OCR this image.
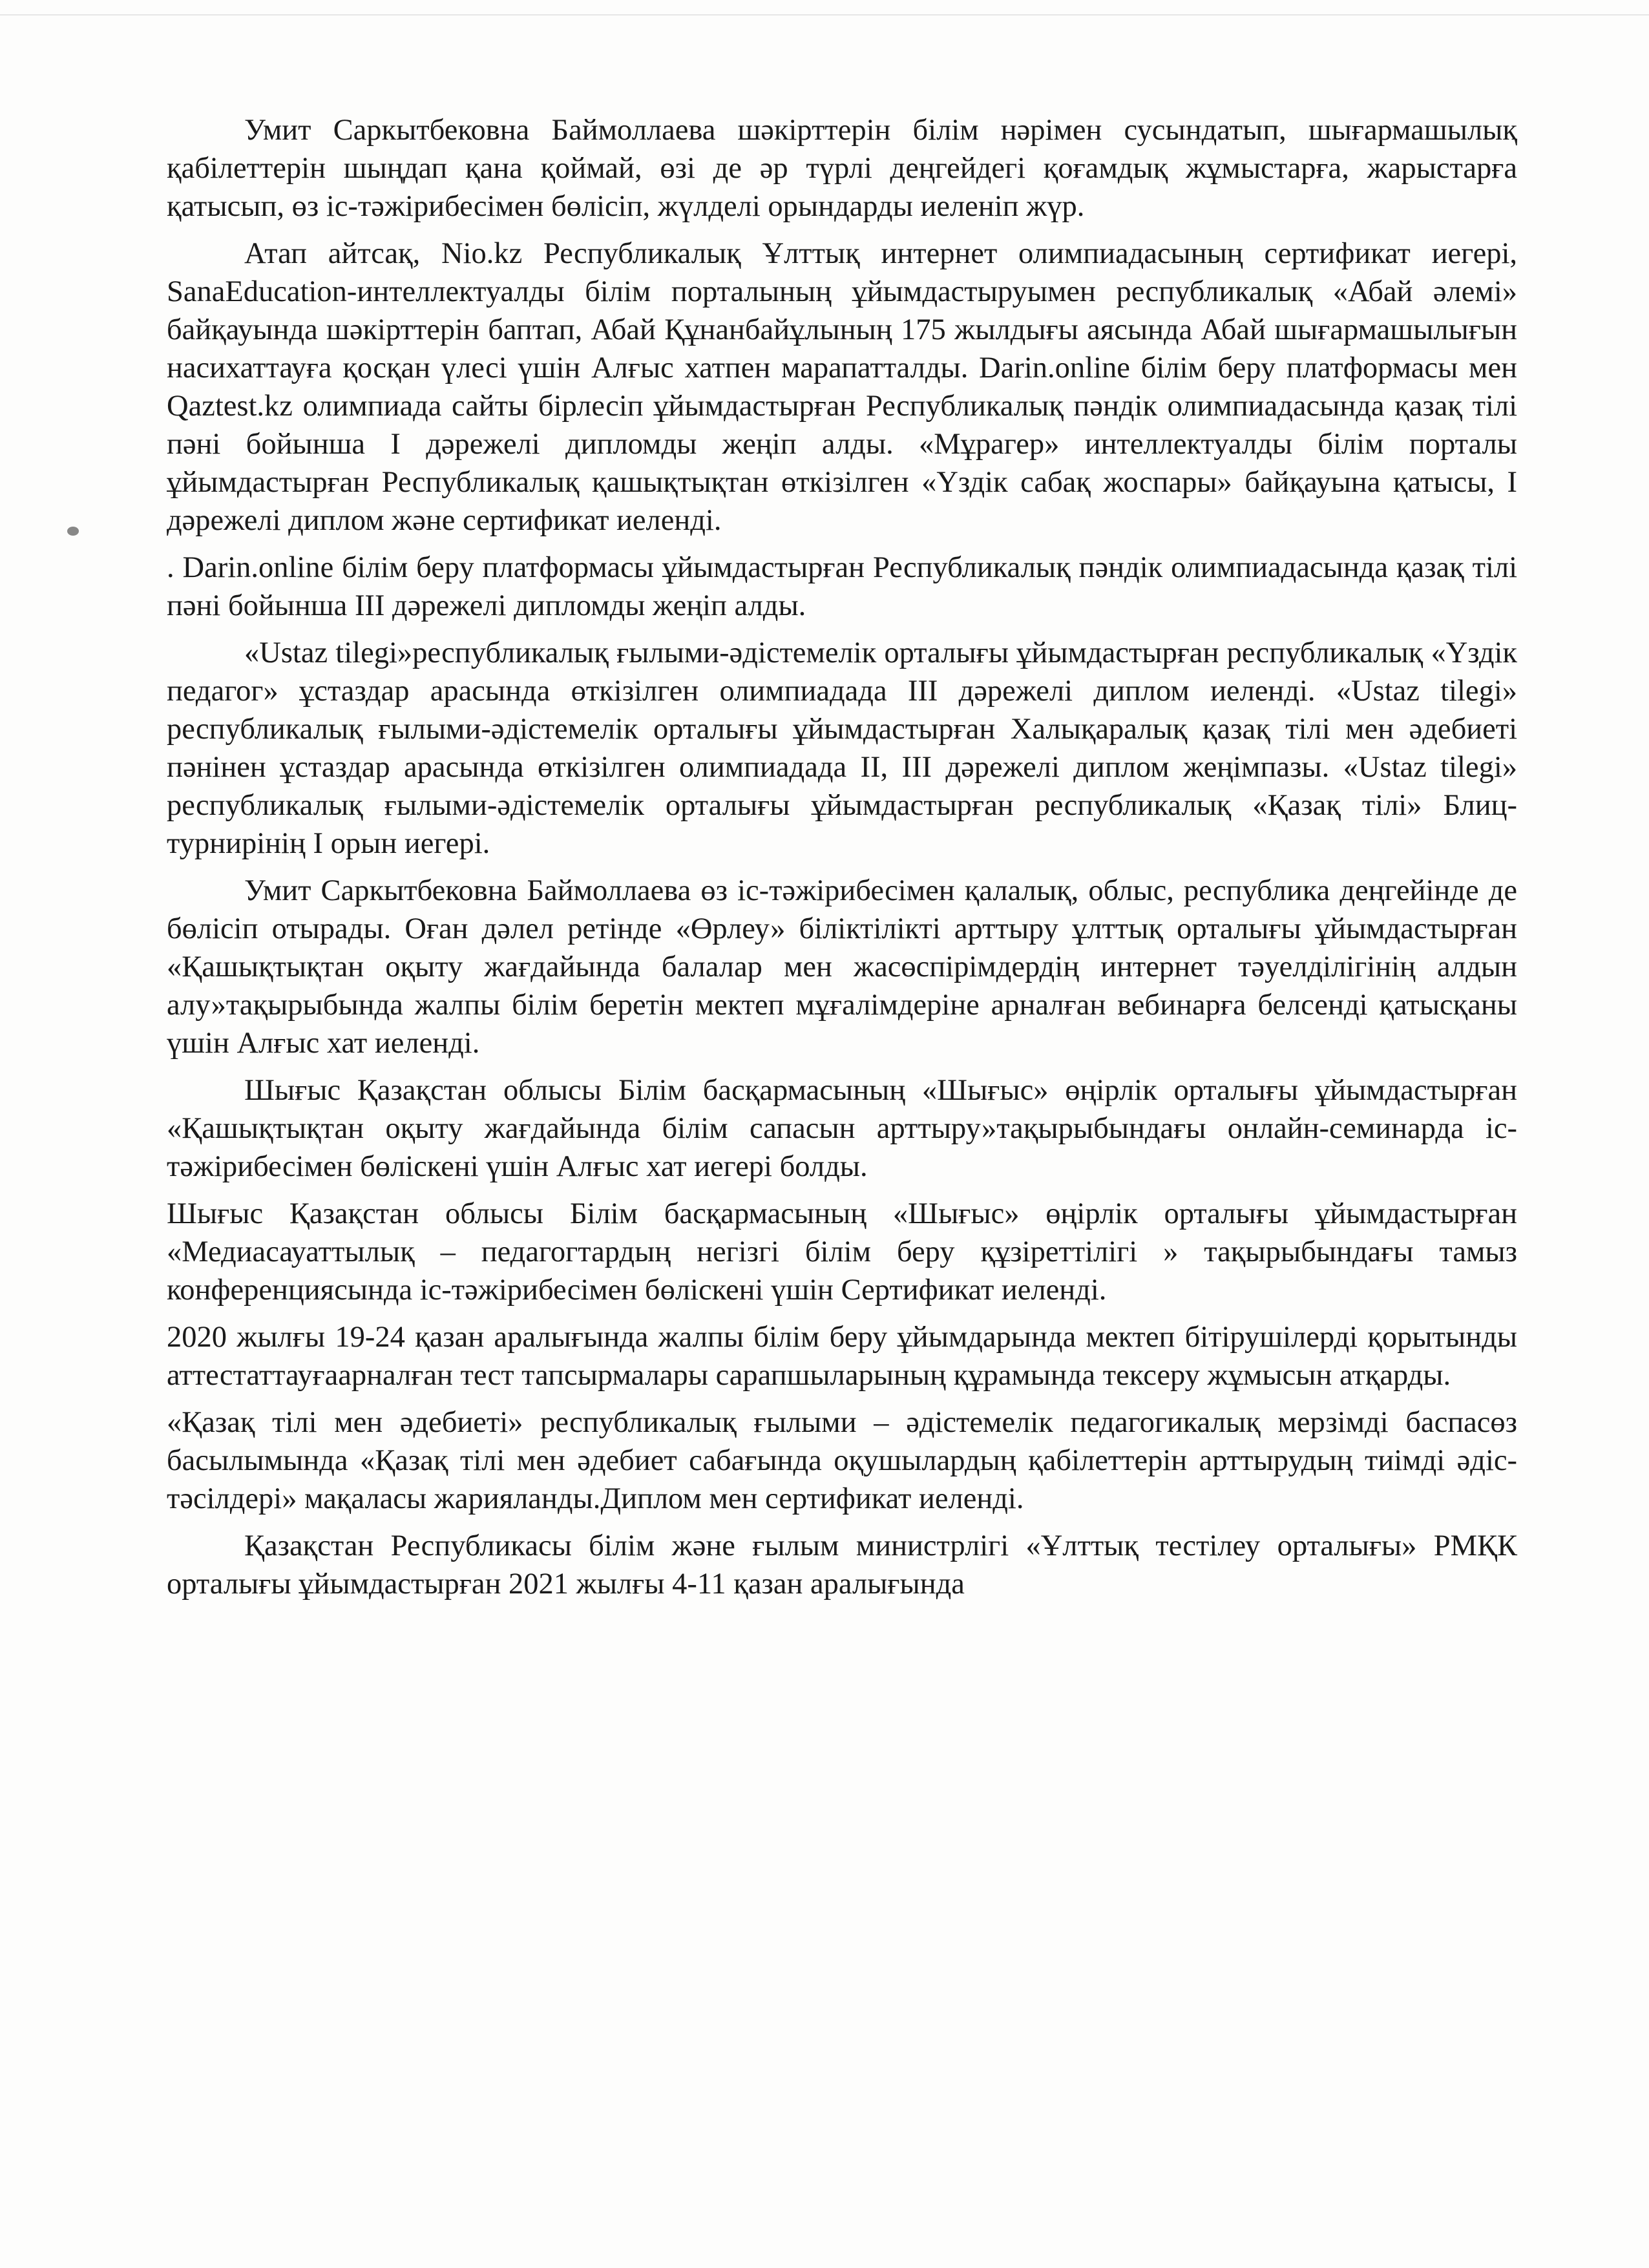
Умит Саркытбековна Баймоллаева шәкірттерін білім нәрімен сусындатып, шығармашылық қабілеттерін шыңдап қана қоймай, өзі де әр түрлі деңгейдегі қоғамдық жұмыстарға, жарыстарға қатысып, өз іс-тәжірибесімен бөлісіп, жүлделі орындарды иеленіп жүр.

Атап айтсақ, Nio.kz Республикалық Ұлттық интернет олимпиадасының сертификат иегері, SanaEducation-интеллектуалды білім порталының ұйымдастыруымен республикалық «Абай әлемі» байқауында шәкірттерін баптап, Абай Құнанбайұлының 175 жылдығы аясында Абай шығармашылығын насихаттауға қосқан үлесі үшін Алғыс хатпен марапатталды. Darin.online білім беру платформасы мен Qaztest.kz олимпиада сайты бірлесіп ұйымдастырған Республикалық пәндік олимпиадасында қазақ тілі пәні бойынша I дәрежелі дипломды жеңіп алды. «Мұрагер» интеллектуалды білім порталы ұйымдастырған Республикалық қашықтықтан өткізілген «Үздік сабақ жоспары» байқауына қатысы, I дәрежелі диплом және сертификат иеленді.

. Darin.online білім беру платформасы ұйымдастырған Республикалық пәндік олимпиадасында қазақ тілі пәні бойынша III дәрежелі дипломды жеңіп алды.

«Ustaz tilegi»республикалық ғылыми-әдістемелік орталығы ұйымдастырған республикалық «Үздік педагог» ұстаздар арасында өткізілген олимпиадада III дәрежелі диплом иеленді. «Ustaz tilegi» республикалық ғылыми-әдістемелік орталығы ұйымдастырған Халықаралық қазақ тілі мен әдебиеті пәнінен ұстаздар арасында өткізілген олимпиадада II, III дәрежелі диплом жеңімпазы. «Ustaz tilegi» республикалық ғылыми-әдістемелік орталығы ұйымдастырған республикалық «Қазақ тілі» Блиц-турнирінің I орын иегері.

Умит Саркытбековна Баймоллаева өз іс-тәжірибесімен қалалық, облыс, республика деңгейінде де бөлісіп отырады. Оған дәлел ретінде «Өрлеу» біліктілікті арттыру ұлттық орталығы ұйымдастырған «Қашықтықтан оқыту жағдайында балалар мен жасөспірімдердің интернет тәуелділігінің алдын алу»тақырыбында жалпы білім беретін мектеп мұғалімдеріне арналған вебинарға белсенді қатысқаны үшін Алғыс хат иеленді.

Шығыс Қазақстан облысы Білім басқармасының «Шығыс» өңірлік орталығы ұйымдастырған «Қашықтықтан оқыту жағдайында білім сапасын арттыру»тақырыбындағы онлайн-семинарда іс-тәжірибесімен бөліскені үшін Алғыс хат иегері болды.

Шығыс Қазақстан облысы Білім басқармасының «Шығыс» өңірлік орталығы ұйымдастырған «Медиасауаттылық – педагогтардың негізгі білім беру құзіреттілігі » тақырыбындағы тамыз конференциясында іс-тәжірибесімен бөліскені үшін Сертификат иеленді.

2020 жылғы 19-24 қазан аралығында жалпы білім беру ұйымдарында мектеп бітірушілерді қорытынды аттестаттауғаарналған тест тапсырмалары сарапшыларының құрамында тексеру жұмысын атқарды.

«Қазақ тілі мен әдебиеті» республикалық ғылыми – әдістемелік педагогикалық мерзімді баспасөз басылымында «Қазақ тілі мен әдебиет сабағында оқушылардың қабілеттерін арттырудың тиімді әдіс-тәсілдері» мақаласы жарияланды.Диплом мен сертификат иеленді.

Қазақстан Республикасы білім және ғылым министрлігі «Ұлттық тестілеу орталығы» РМҚК орталығы ұйымдастырған 2021 жылғы 4-11 қазан аралығында
